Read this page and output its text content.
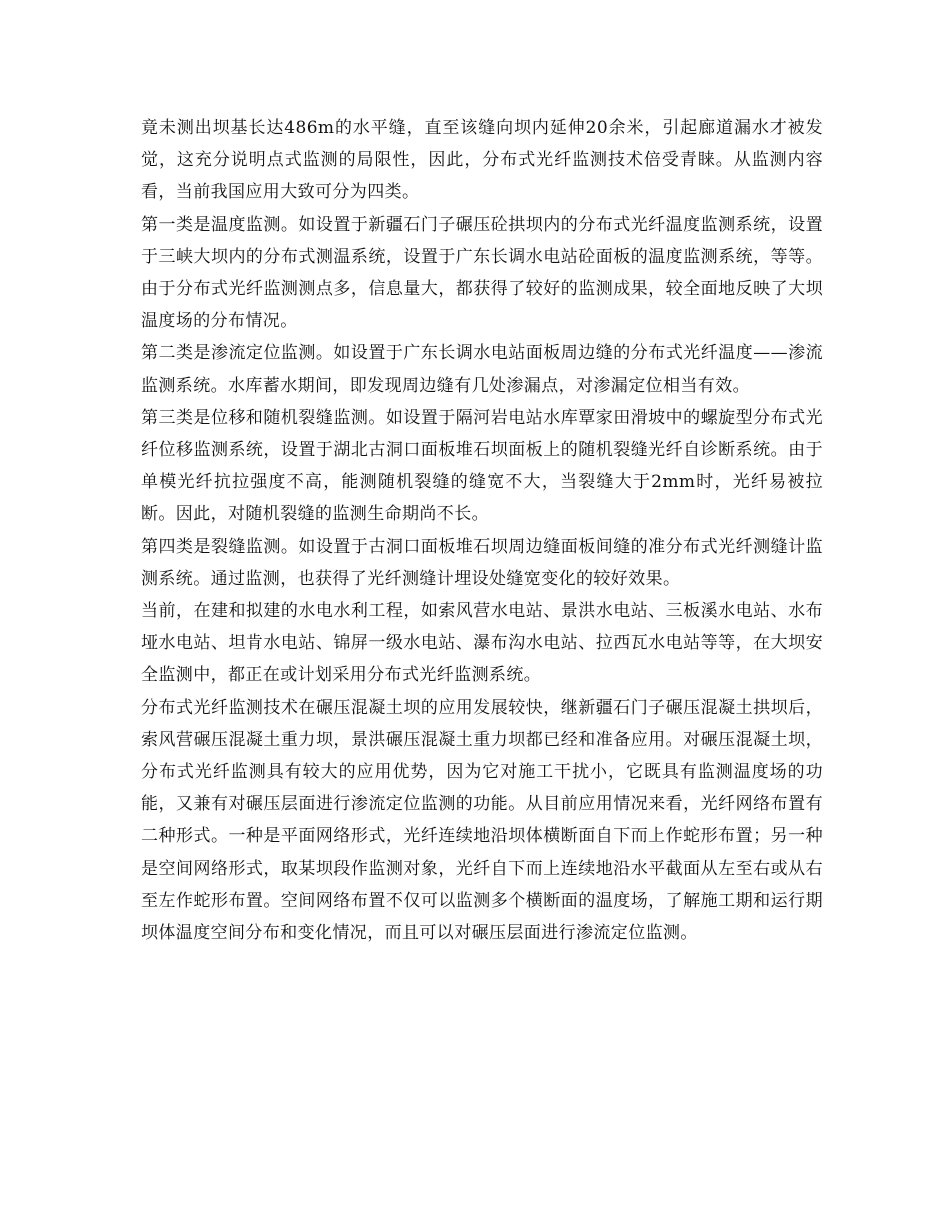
竟未测出坝基长达486m的水平缝，直至该缝向坝内延伸20余米，引起廊道漏水才被发觉，这充分说明点式监测的局限性，因此，分布式光纤监测技术倍受青睐。从监测内容看，当前我国应用大致可分为四类。

第一类是温度监测。如设置于新疆石门子碾压砼拱坝内的分布式光纤温度监测系统，设置于三峡大坝内的分布式测温系统，设置于广东长调水电站砼面板的温度监测系统，等等。由于分布式光纤监测测点多，信息量大，都获得了较好的监测成果，较全面地反映了大坝温度场的分布情况。

第二类是渗流定位监测。如设置于广东长调水电站面板周边缝的分布式光纤温度——渗流监测系统。水库蓄水期间，即发现周边缝有几处渗漏点，对渗漏定位相当有效。

第三类是位移和随机裂缝监测。如设置于隔河岩电站水库覃家田滑坡中的螺旋型分布式光纤位移监测系统，设置于湖北古洞口面板堆石坝面板上的随机裂缝光纤自诊断系统。由于单模光纤抗拉强度不高，能测随机裂缝的缝宽不大，当裂缝大于2mm时，光纤易被拉断。因此，对随机裂缝的监测生命期尚不长。

第四类是裂缝监测。如设置于古洞口面板堆石坝周边缝面板间缝的准分布式光纤测缝计监测系统。通过监测，也获得了光纤测缝计埋设处缝宽变化的较好效果。

当前，在建和拟建的水电水利工程，如索风营水电站、景洪水电站、三板溪水电站、水布垭水电站、坦肯水电站、锦屏一级水电站、瀑布沟水电站、拉西瓦水电站等等，在大坝安全监测中，都正在或计划采用分布式光纤监测系统。

分布式光纤监测技术在碾压混凝土坝的应用发展较快，继新疆石门子碾压混凝土拱坝后，索风营碾压混凝土重力坝，景洪碾压混凝土重力坝都已经和准备应用。对碾压混凝土坝，分布式光纤监测具有较大的应用优势，因为它对施工干扰小，它既具有监测温度场的功能，又兼有对碾压层面进行渗流定位监测的功能。从目前应用情况来看，光纤网络布置有二种形式。一种是平面网络形式，光纤连续地沿坝体横断面自下而上作蛇形布置；另一种是空间网络形式，取某坝段作监测对象，光纤自下而上连续地沿水平截面从左至右或从右至左作蛇形布置。空间网络布置不仅可以监测多个横断面的温度场，了解施工期和运行期坝体温度空间分布和变化情况，而且可以对碾压层面进行渗流定位监测。
